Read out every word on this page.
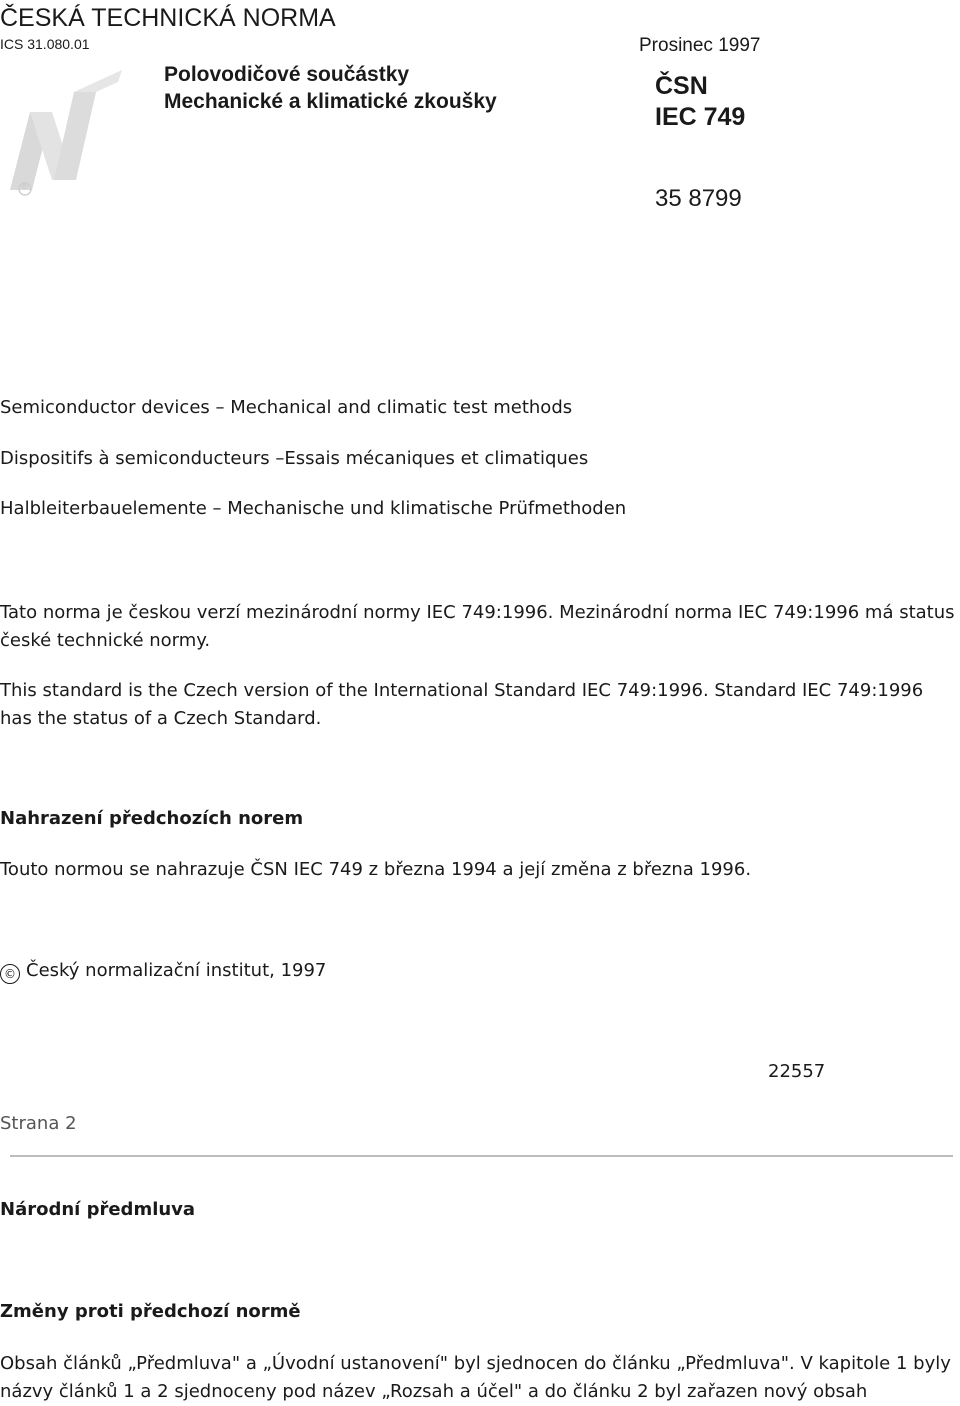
ČESKÁ TECHNICKÁ NORMA
ICS 31.080.01
®
Polovodičové součástky
Mechanické a klimatické zkoušky
Prosinec 1997
ČSN
IEC 749
35 8799
Semiconductor devices – Mechanical and climatic test methods
Dispositifs à semiconducteurs –Essais mécaniques et climatiques
Halbleiterbauelemente – Mechanische und klimatische Prüfmethoden
Tato norma je českou verzí mezinárodní normy IEC 749:1996. Mezinárodní norma IEC 749:1996 má status české technické normy.
This standard is the Czech version of the International Standard IEC 749:1996. Standard IEC 749:1996 has the status of a Czech Standard.
Nahrazení předchozích norem
Touto normou se nahrazuje ČSN IEC 749 z března 1994 a její změna z března 1996.
© Český normalizační institut, 1997
22557
Strana 2
Národní předmluva
Změny proti předchozí normě
Obsah článků „Předmluva" a „Úvodní ustanovení" byl sjednocen do článku „Předmluva". V kapitole 1 byly názvy článků 1 a 2 sjednoceny pod název „Rozsah a účel" a do článku 2 byl zařazen nový obsah
